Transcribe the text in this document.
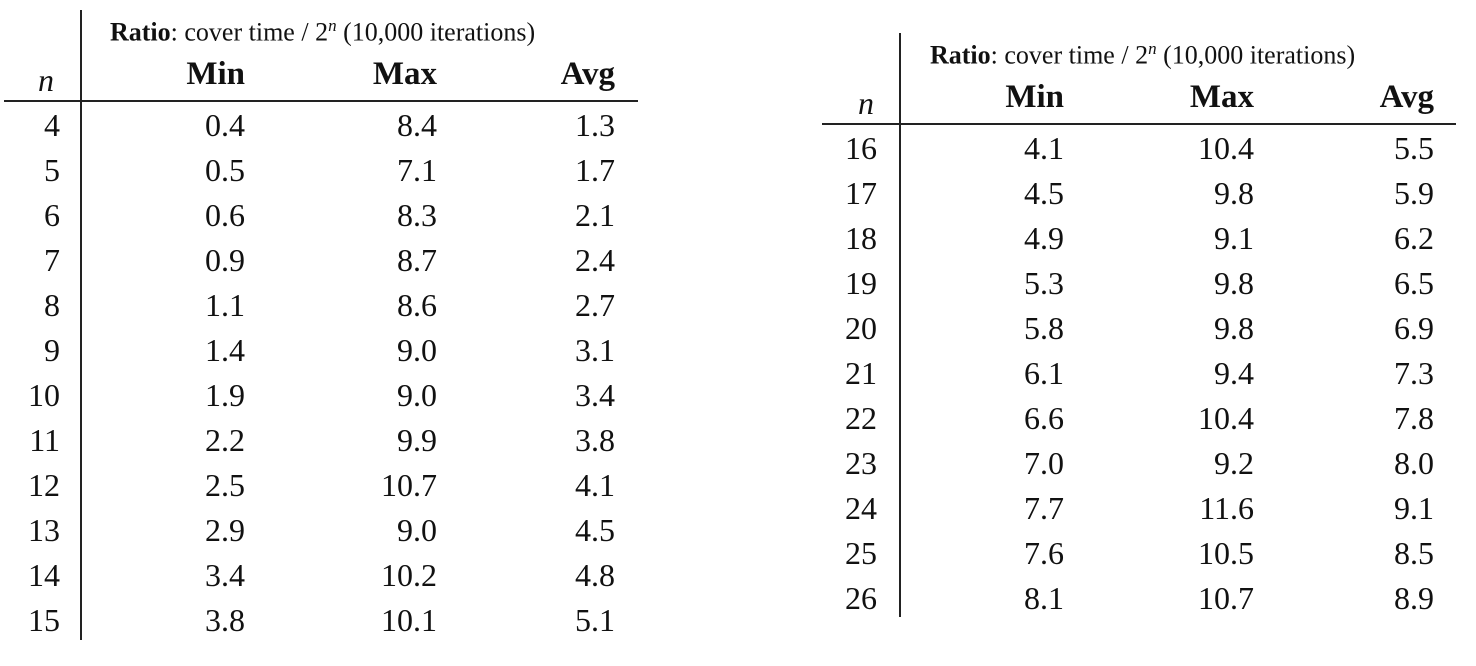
Ratio: cover time / 2$^n$ (10,000 iterations)
n	Min	Max	Avg
4	0.4	8.4	1.3
5	0.5	7.1	1.7
6	0.6	8.3	2.1
7	0.9	8.7	2.4
8	1.1	8.6	2.7
9	1.4	9.0	3.1
10	1.9	9.0	3.4
11	2.2	9.9	3.8
12	2.5	10.7	4.1
13	2.9	9.0	4.5
14	3.4	10.2	4.8
15	3.8	10.1	5.1
Ratio: cover time / 2$^n$ (10,000 iterations)
n	Min	Max	Avg
16	4.1	10.4	5.5
17	4.5	9.8	5.9
18	4.9	9.1	6.2
19	5.3	9.8	6.5
20	5.8	9.8	6.9
21	6.1	9.4	7.3
22	6.6	10.4	7.8
23	7.0	9.2	8.0
24	7.7	11.6	9.1
25	7.6	10.5	8.5
26	8.1	10.7	8.9
